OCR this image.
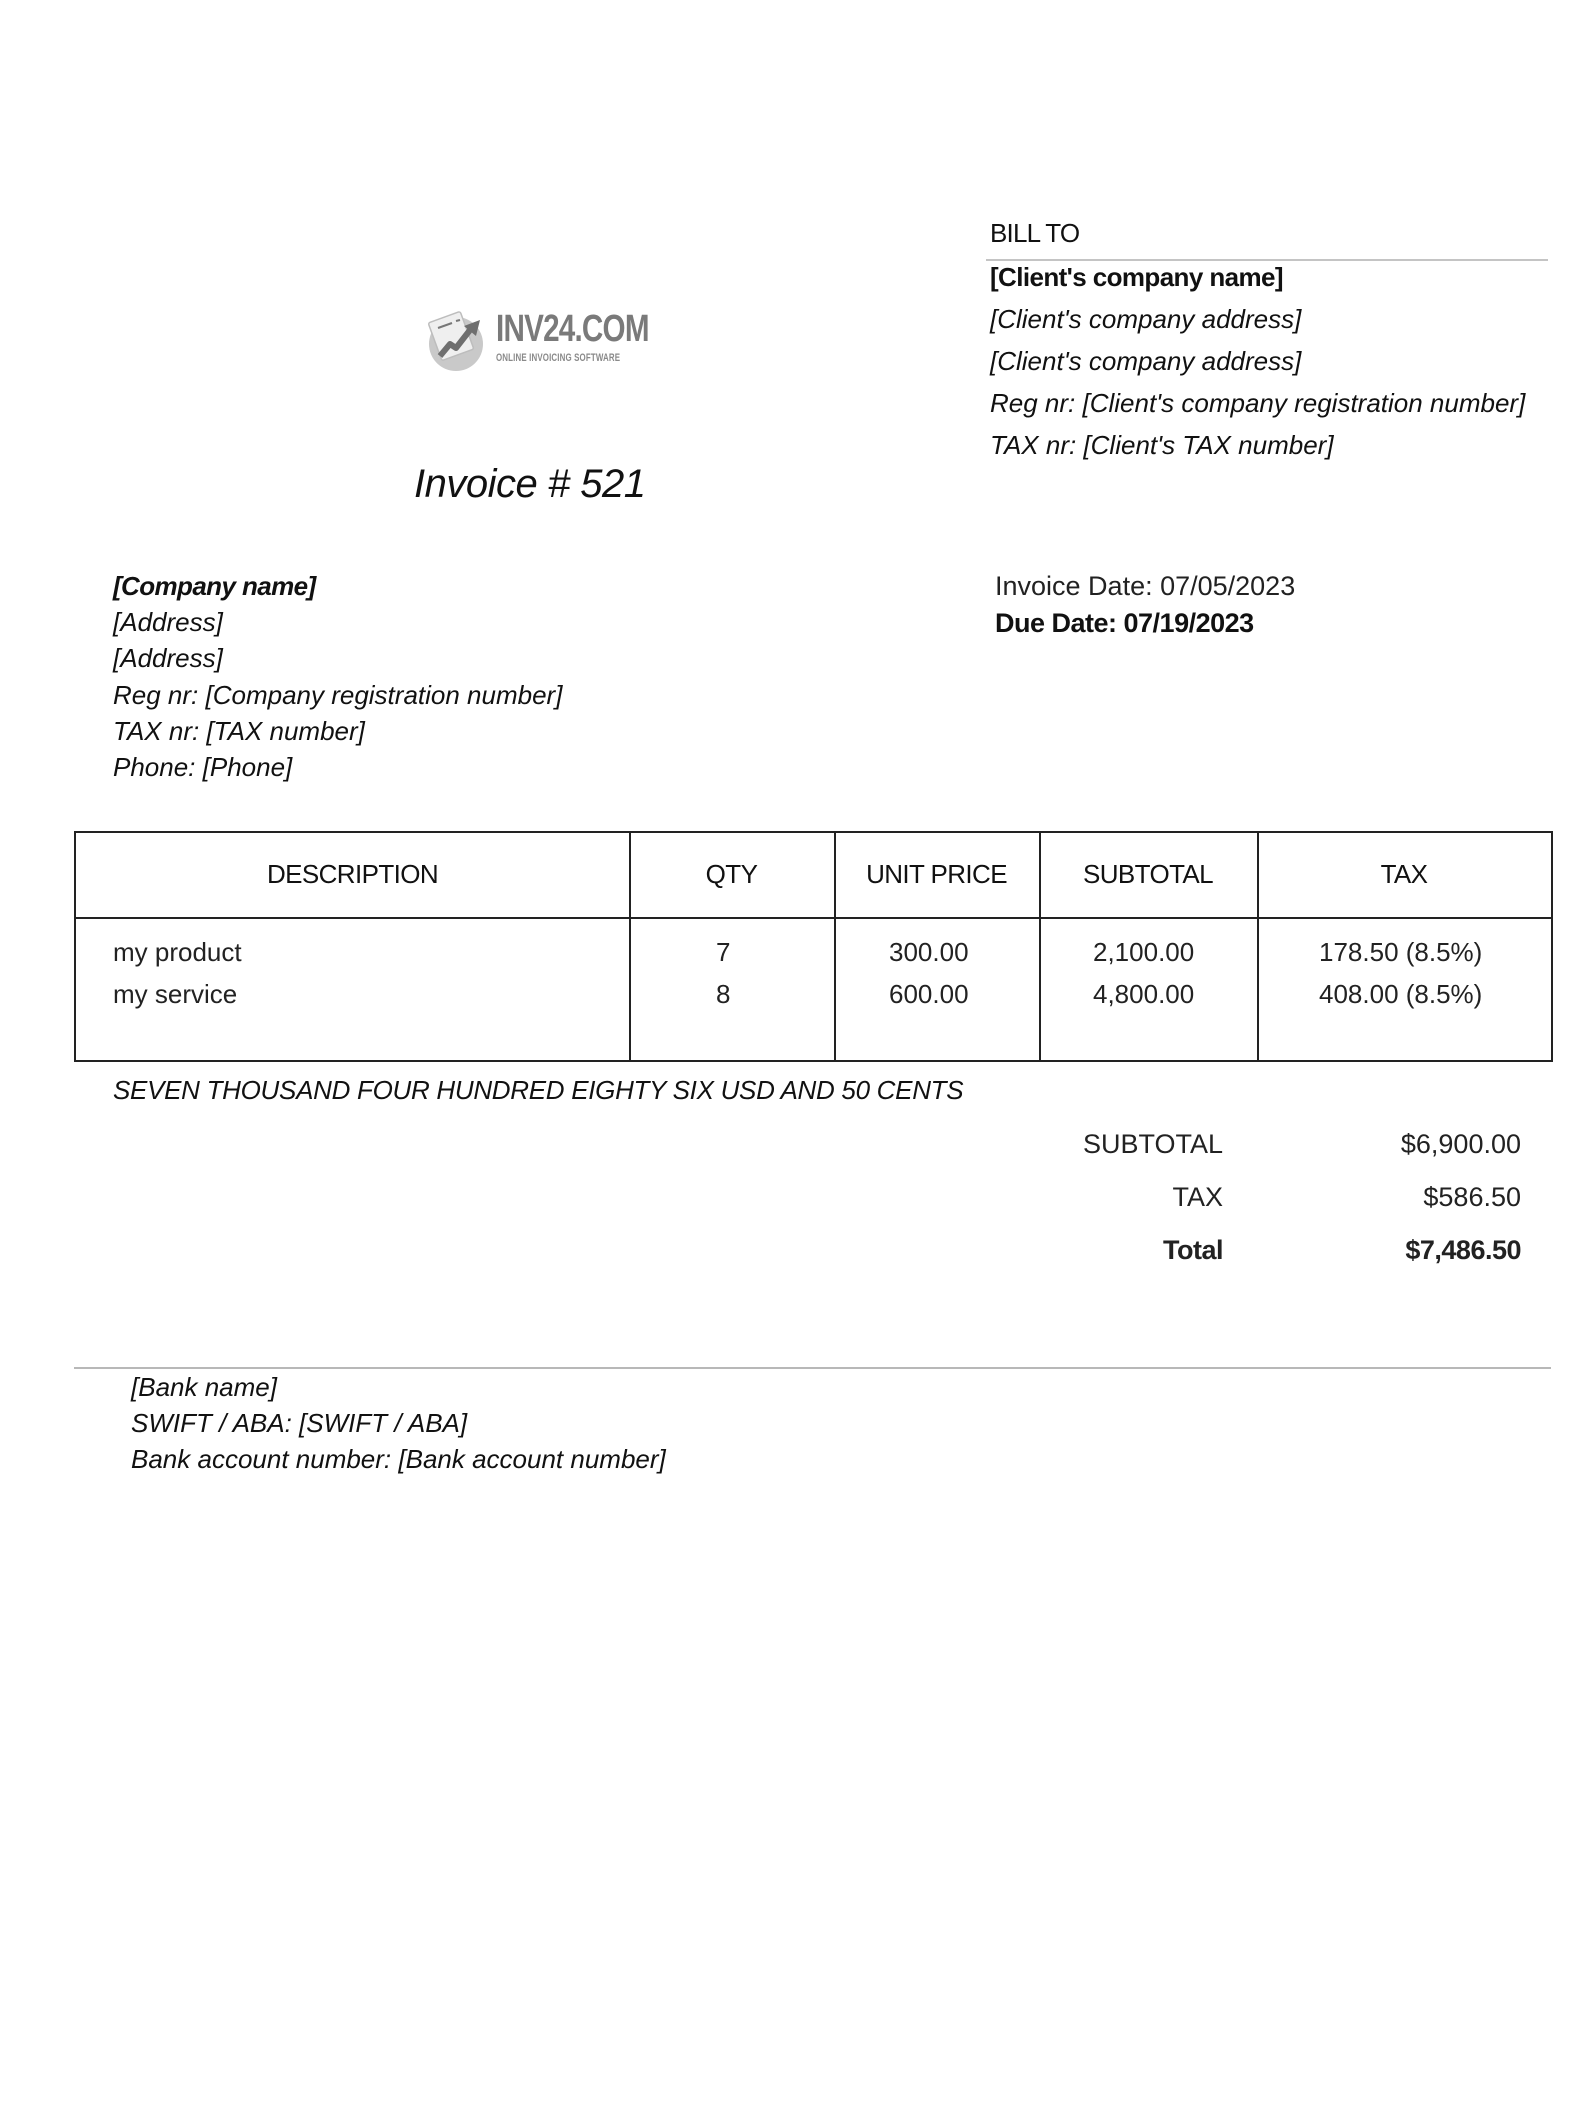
INV24.COM
ONLINE INVOICING SOFTWARE
Invoice # 521
BILL TO
[Client's company name]
[Client's company address]
[Client's company address]
Reg nr: [Client's company registration number]
TAX nr: [Client's TAX number]
[Company name]
[Address]
[Address]
Reg nr: [Company registration number]
TAX nr: [TAX number]
Phone: [Phone]
Invoice Date: 07/05/2023
Due Date: 07/19/2023
DESCRIPTION	QTY	UNIT PRICE	SUBTOTAL	TAX
my product	7	300.00	2,100.00	178.50 (8.5%)
my service	8	600.00	4,800.00	408.00 (8.5%)
SEVEN THOUSAND FOUR HUNDRED EIGHTY SIX USD AND 50 CENTS
SUBTOTAL	$6,900.00
TAX	$586.50
Total	$7,486.50
[Bank name]
SWIFT / ABA: [SWIFT / ABA]
Bank account number: [Bank account number]
